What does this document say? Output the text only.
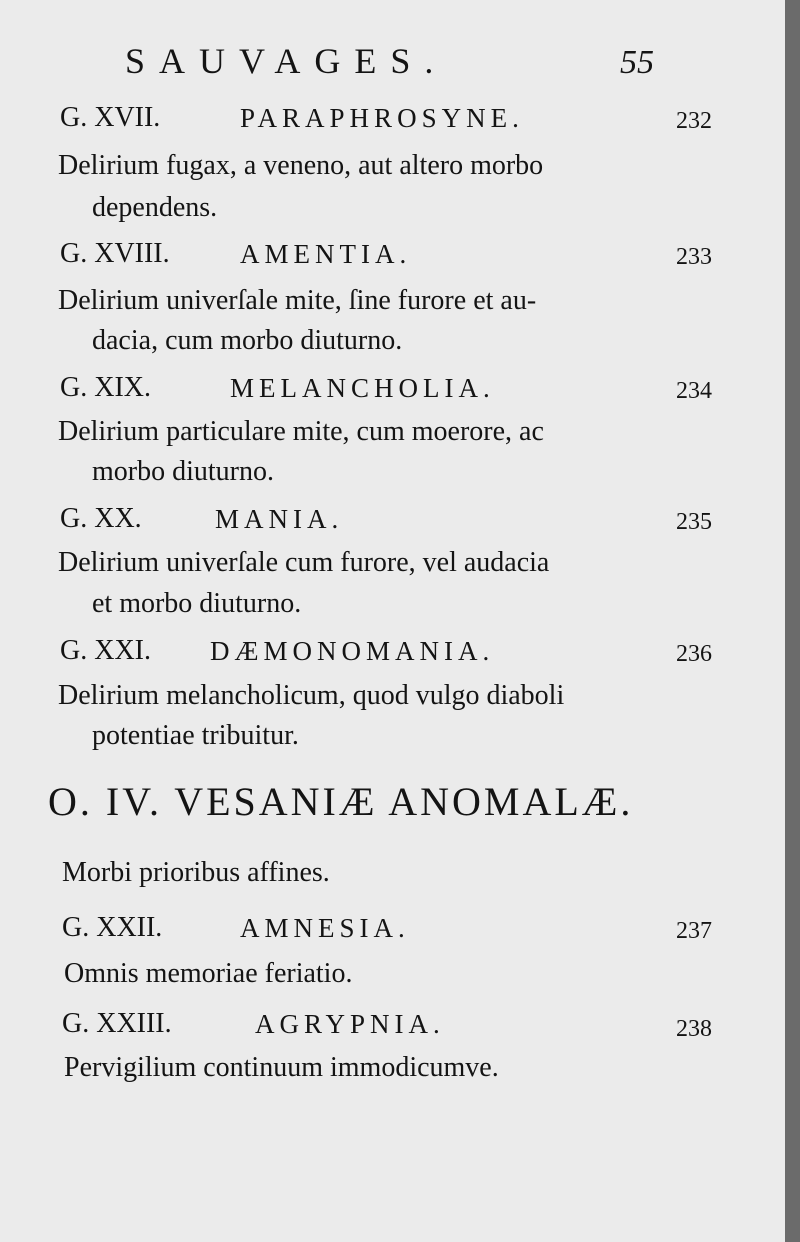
SAUVAGES.	55
G. XVII.	PARAPHROSYNE.	232
Delirium fugax, a veneno, aut altero morbo
dependens.
G. XVIII.	AMENTIA.	233
Delirium univerſale mite, ſine furore et au-
dacia, cum morbo diuturno.
G. XIX.	MELANCHOLIA.	234
Delirium particulare mite, cum moerore, ac
morbo diuturno.
G. XX.	MANIA.	235
Delirium univerſale cum furore, vel audacia
et morbo diuturno.
G. XXI. DÆMONOMANIA.	236
Delirium melancholicum, quod vulgo diaboli
potentiae tribuitur.
O. IV. VESANIÆ ANOMALÆ.
Morbi prioribus affines.
G. XXII.	AMNESIA.	237
Omnis memoriae feriatio.
G. XXIII.	AGRYPNIA.	238
Pervigilium continuum immodicumve.
